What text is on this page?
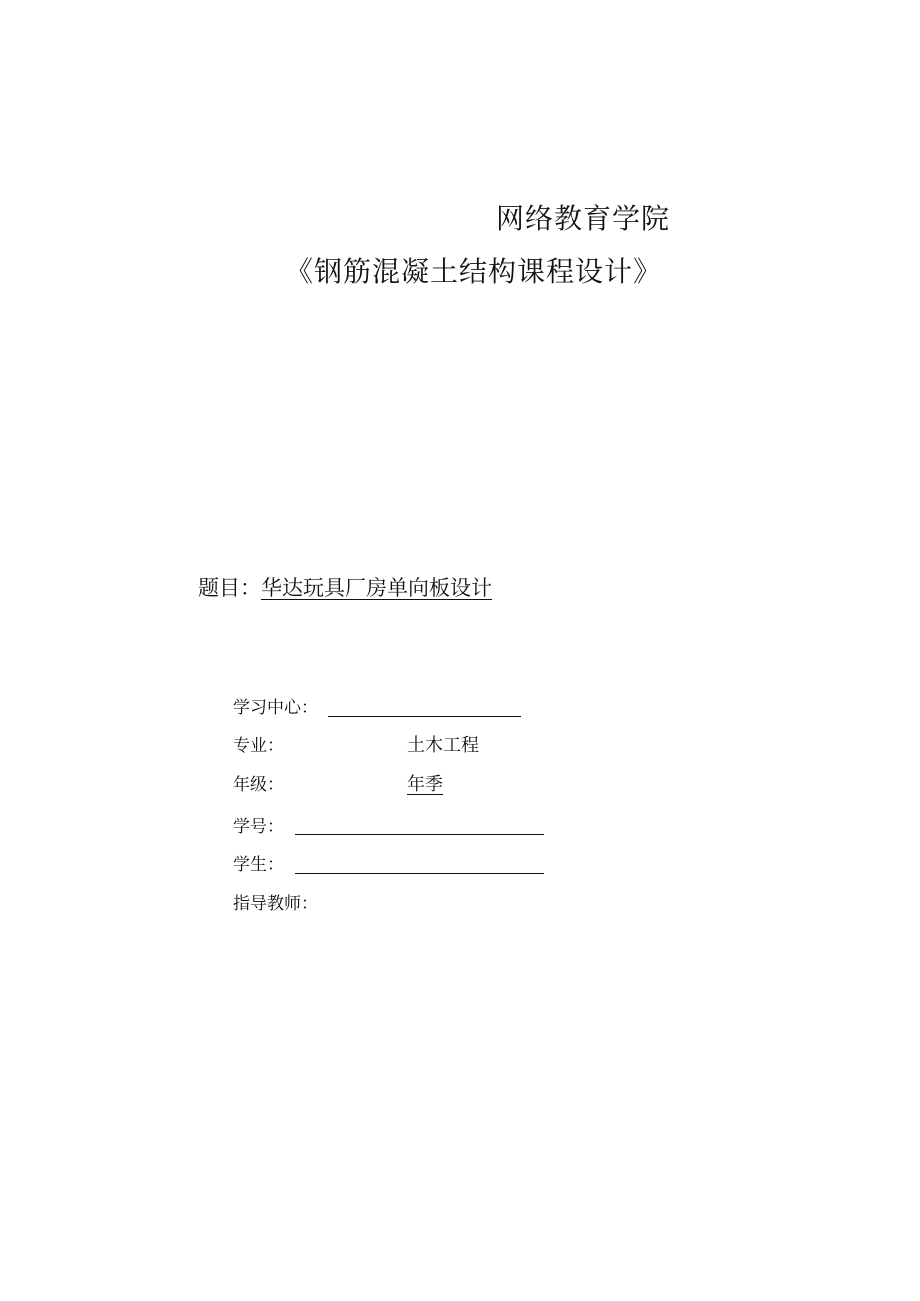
网络教育学院
《钢筋混凝土结构课程设计》
题目：华达玩具厂房单向板设计
学习中心：
专业：	土木工程
年级：	年季
学号：
学生：
指导教师：
